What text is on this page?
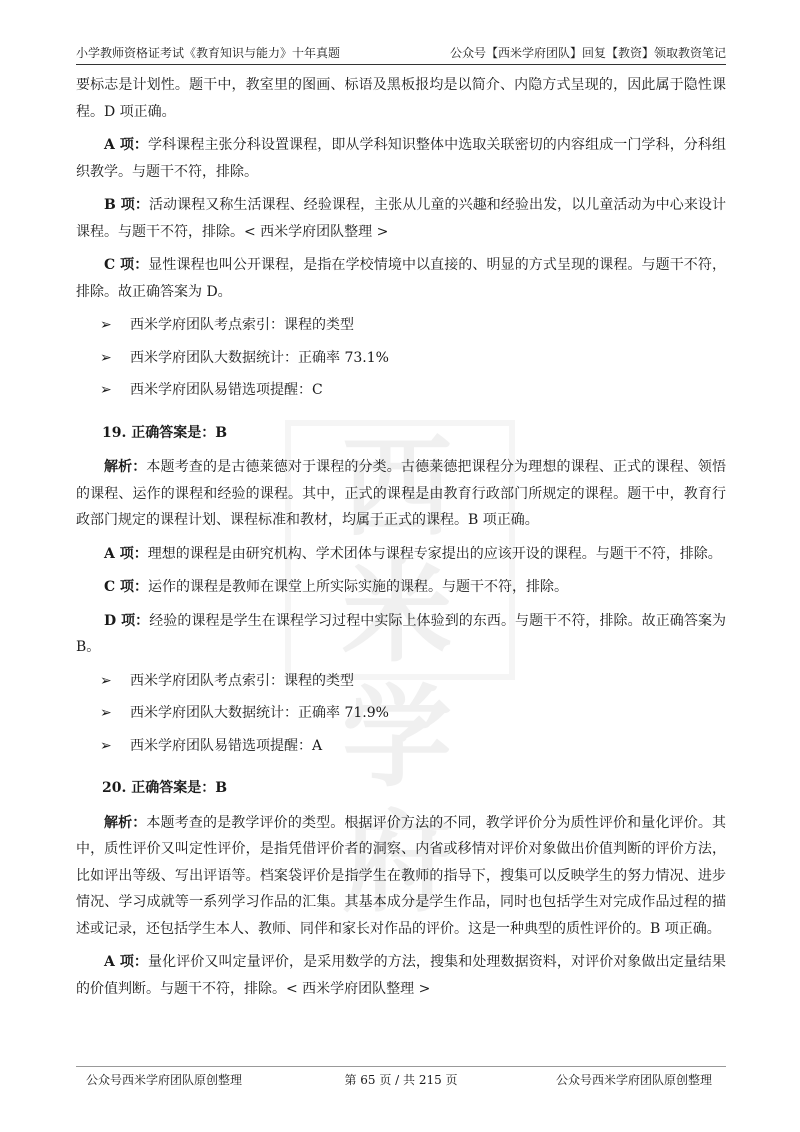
小学教师资格证考试《教育知识与能力》十年真题	公众号【西米学府团队】回复【教资】领取教资笔记
西米学府

要标志是计划性。题干中，教室里的图画、标语及黑板报均是以简介、内隐方式呈现的，因此属于隐性课程。D 项正确。

A 项：学科课程主张分科设置课程，即从学科知识整体中选取关联密切的内容组成一门学科，分科组织教学。与题干不符，排除。

B 项：活动课程又称生活课程、经验课程，主张从儿童的兴趣和经验出发，以儿童活动为中心来设计课程。与题干不符，排除。< 西米学府团队整理 >

C 项：显性课程也叫公开课程，是指在学校情境中以直接的、明显的方式呈现的课程。与题干不符，排除。故正确答案为 D。

➢ 西米学府团队考点索引：课程的类型
➢ 西米学府团队大数据统计：正确率 73.1%
➢ 西米学府团队易错选项提醒：C
19. 正确答案是：B

解析：本题考查的是古德莱德对于课程的分类。古德莱德把课程分为理想的课程、正式的课程、领悟的课程、运作的课程和经验的课程。其中，正式的课程是由教育行政部门所规定的课程。题干中，教育行政部门规定的课程计划、课程标准和教材，均属于正式的课程。B 项正确。

A 项：理想的课程是由研究机构、学术团体与课程专家提出的应该开设的课程。与题干不符，排除。

C 项：运作的课程是教师在课堂上所实际实施的课程。与题干不符，排除。

D 项：经验的课程是学生在课程学习过程中实际上体验到的东西。与题干不符，排除。故正确答案为 B。

➢ 西米学府团队考点索引：课程的类型
➢ 西米学府团队大数据统计：正确率 71.9%
➢ 西米学府团队易错选项提醒：A
20. 正确答案是：B

解析：本题考查的是教学评价的类型。根据评价方法的不同，教学评价分为质性评价和量化评价。其中，质性评价又叫定性评价，是指凭借评价者的洞察、内省或移情对评价对象做出价值判断的评价方法，比如评出等级、写出评语等。档案袋评价是指学生在教师的指导下，搜集可以反映学生的努力情况、进步情况、学习成就等一系列学习作品的汇集。其基本成分是学生作品，同时也包括学生对完成作品过程的描述或记录，还包括学生本人、教师、同伴和家长对作品的评价。这是一种典型的质性评价的。B 项正确。

A 项：量化评价又叫定量评价，是采用数学的方法，搜集和处理数据资料，对评价对象做出定量结果的价值判断。与题干不符，排除。< 西米学府团队整理 >

公众号西米学府团队原创整理	第 65 页 / 共 215 页	公众号西米学府团队原创整理
